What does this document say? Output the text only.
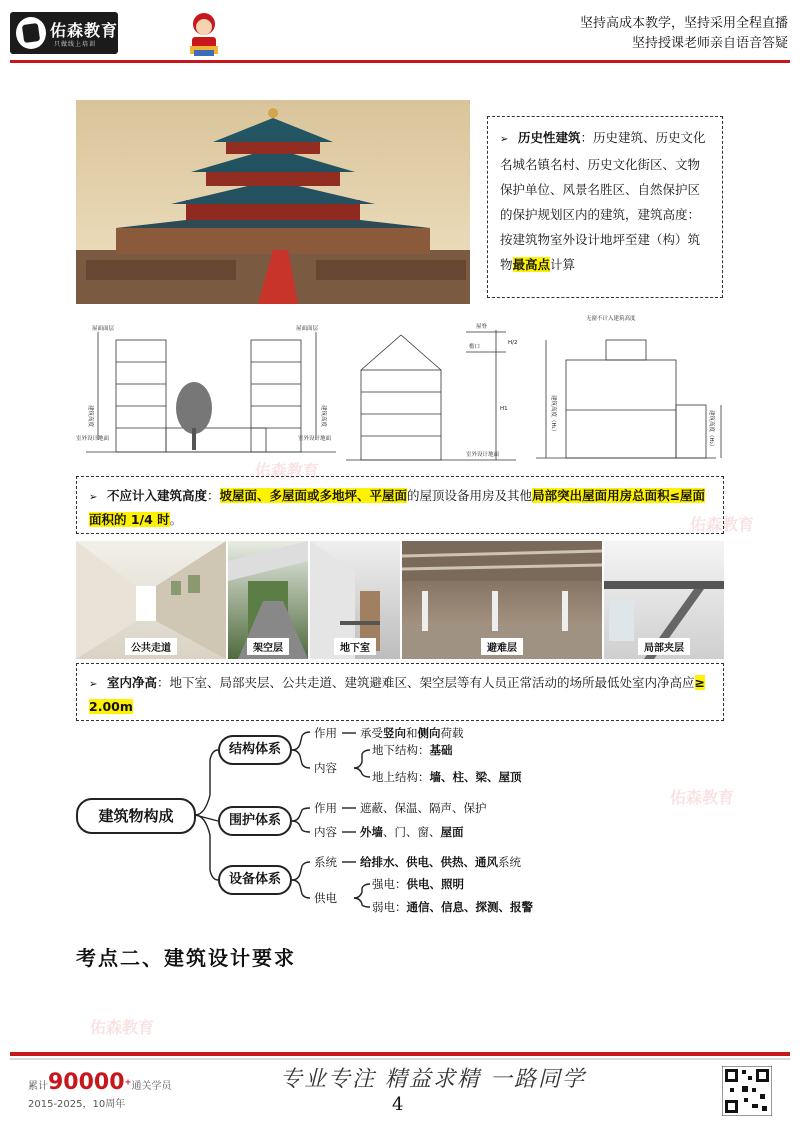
佑森教育
只做线上培训
坚持高成本教学，坚持采用全程直播
坚持授课老师亲自语音答疑
佑森教育
佑森教育
佑森教育
佑森教育
➢ 历史性建筑：历史建筑、历史文化名城名镇名村、历史文化街区、文物保护单位、风景名胜区、自然保护区的保护规划区内的建筑，建筑高度：按建筑物室外设计地坪至建（构）筑物最高点计算
屋面面层	屋面面层
室外设计地面	室外设计地面
屋脊
檐口
H/2
H1
室外设计地面
无窗不计入建筑高度
建筑高度	建筑高度	建筑高度（H₁）	建筑高度（H₂）
➢ 不应计入建筑高度：坡屋面、多屋面或多地坪、平屋面的屋顶设备用房及其他局部突出屋面用房总面积≤屋面面积的 1/4 时。
公共走道	架空层	地下室	避难层	局部夹层
➢ 室内净高：地下室、局部夹层、公共走道、建筑避难区、架空层等有人员正常活动的场所最低处室内净高应≥ 2.00m
建筑物构成
结构体系
围护体系
设备体系
作用 承受竖向和侧向荷载
内容
地下结构：基础
地上结构：墙、柱、梁、屋顶
作用 遮蔽、保温、隔声、保护
内容 外墙、门、窗、屋面
系统 给排水、供电、供热、通风系统
供电
强电：供电、照明
弱电：通信、信息、探测、报警
考点二、建筑设计要求
累计90000+通关学员
2015-2025，10周年
专业专注 精益求精 一路同学
4
